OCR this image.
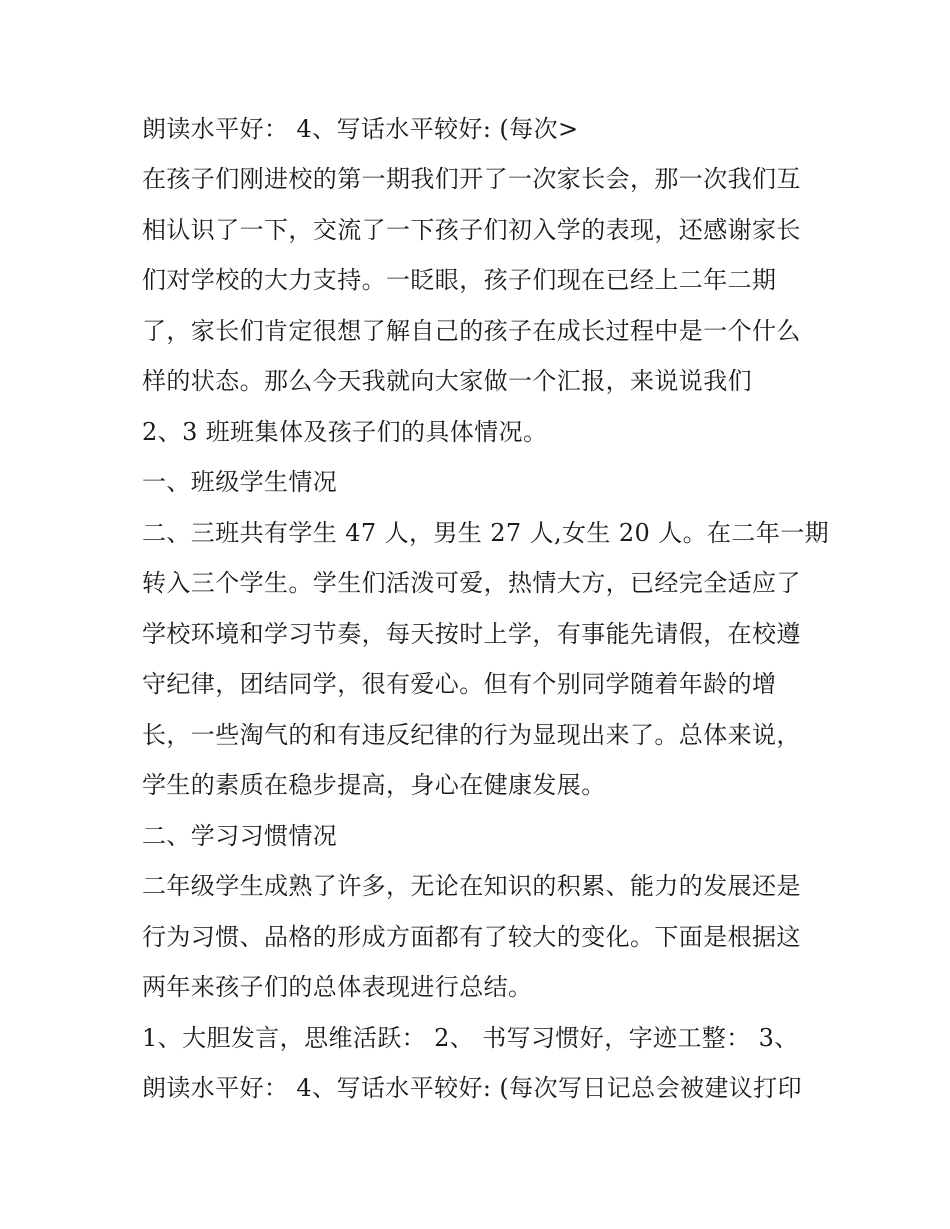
朗读水平好： 4、写话水平较好: (每次>
在孩子们刚进校的第一期我们开了一次家长会，那一次我们互
相认识了一下，交流了一下孩子们初入学的表现，还感谢家长
们对学校的大力支持。一眨眼，孩子们现在已经上二年二期
了，家长们肯定很想了解自己的孩子在成长过程中是一个什么
样的状态。那么今天我就向大家做一个汇报，来说说我们
2、3 班班集体及孩子们的具体情况。
一、班级学生情况
二、三班共有学生 47 人，男生 27 人,女生 20 人。在二年一期
转入三个学生。学生们活泼可爱，热情大方，已经完全适应了
学校环境和学习节奏，每天按时上学，有事能先请假，在校遵
守纪律，团结同学，很有爱心。但有个别同学随着年龄的增
长，一些淘气的和有违反纪律的行为显现出来了。总体来说，
学生的素质在稳步提高，身心在健康发展。
二、学习习惯情况
二年级学生成熟了许多，无论在知识的积累、能力的发展还是
行为习惯、品格的形成方面都有了较大的变化。下面是根据这
两年来孩子们的总体表现进行总结。
1、大胆发言，思维活跃： 2、 书写习惯好，字迹工整： 3、
朗读水平好： 4、写话水平较好: (每次写日记总会被建议打印
